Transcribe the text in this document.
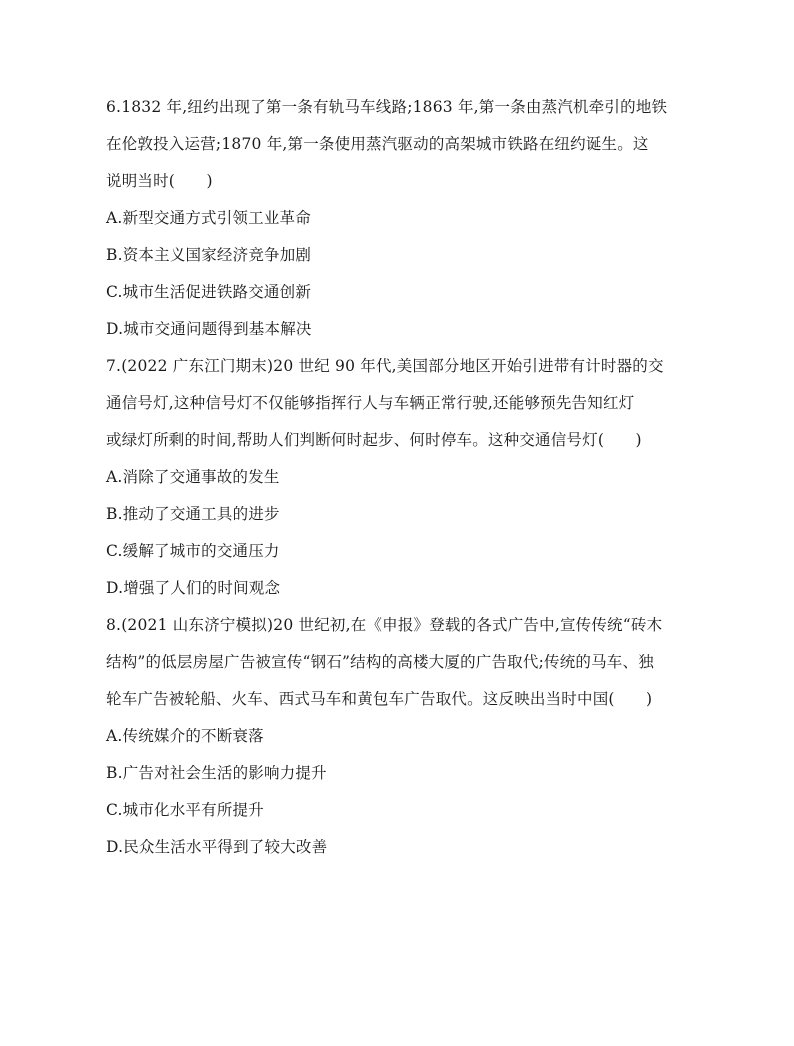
6.1832 年,纽约出现了第一条有轨马车线路;1863 年,第一条由蒸汽机牵引的地铁
在伦敦投入运营;1870 年,第一条使用蒸汽驱动的高架城市铁路在纽约诞生。这
说明当时(　　)
A.新型交通方式引领工业革命
B.资本主义国家经济竞争加剧
C.城市生活促进铁路交通创新
D.城市交通问题得到基本解决
7.(2022 广东江门期末)20 世纪 90 年代,美国部分地区开始引进带有计时器的交
通信号灯,这种信号灯不仅能够指挥行人与车辆正常行驶,还能够预先告知红灯
或绿灯所剩的时间,帮助人们判断何时起步、何时停车。这种交通信号灯(　　)
A.消除了交通事故的发生
B.推动了交通工具的进步
C.缓解了城市的交通压力
D.增强了人们的时间观念
8.(2021 山东济宁模拟)20 世纪初,在《申报》登载的各式广告中,宣传传统“砖木
结构”的低层房屋广告被宣传“钢石”结构的高楼大厦的广告取代;传统的马车、独
轮车广告被轮船、火车、西式马车和黄包车广告取代。这反映出当时中国(　　)
A.传统媒介的不断衰落
B.广告对社会生活的影响力提升
C.城市化水平有所提升
D.民众生活水平得到了较大改善
